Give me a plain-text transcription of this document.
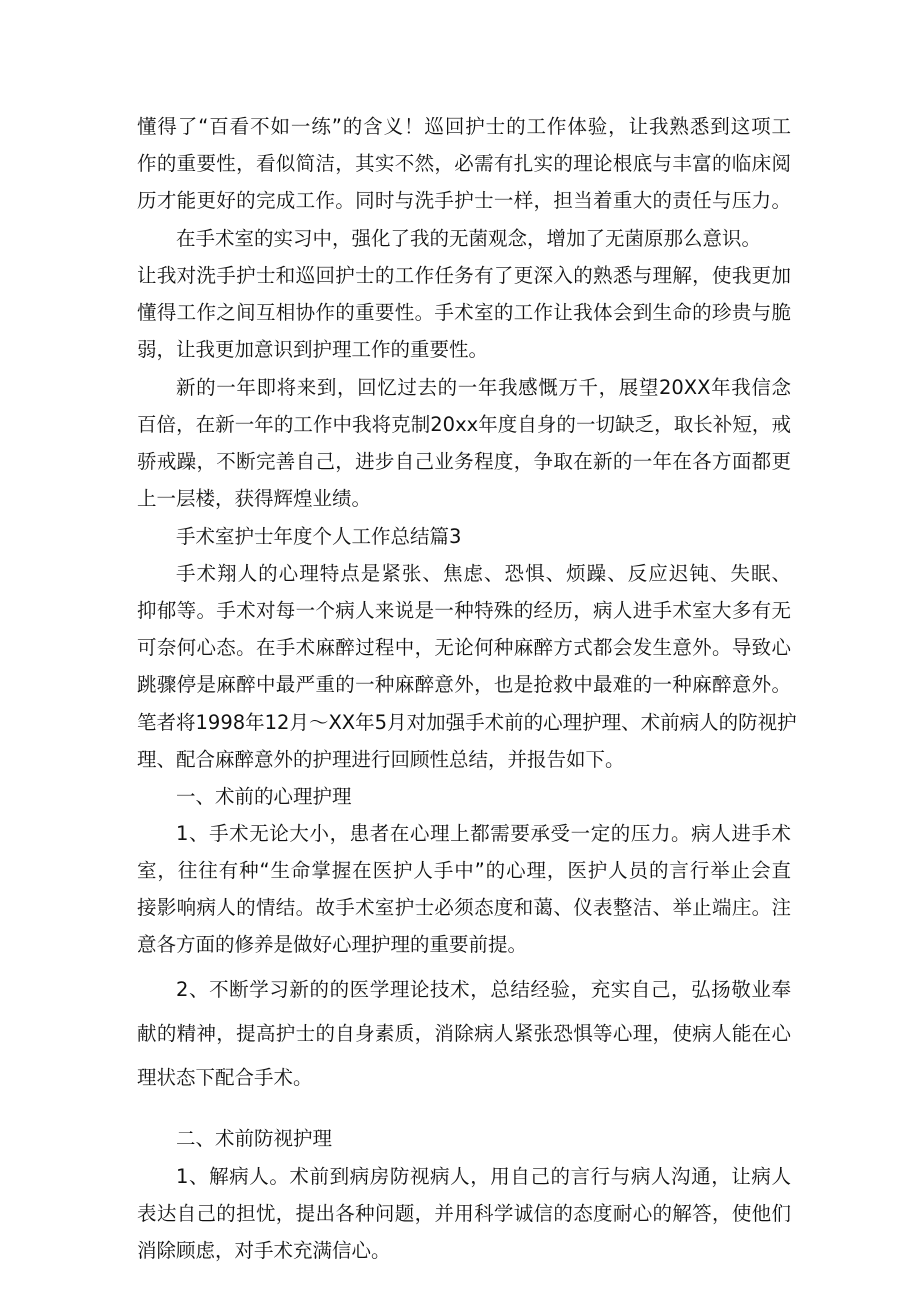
懂得了“百看不如一练”的含义！巡回护士的工作体验，让我熟悉到这项工
作的重要性，看似简洁，其实不然，必需有扎实的理论根底与丰富的临床阅
历才能更好的完成工作。同时与洗手护士一样，担当着重大的责任与压力。
在手术室的实习中，强化了我的无菌观念，增加了无菌原那么意识。
让我对洗手护士和巡回护士的工作任务有了更深入的熟悉与理解，使我更加
懂得工作之间互相协作的重要性。手术室的工作让我体会到生命的珍贵与脆
弱，让我更加意识到护理工作的重要性。
新的一年即将来到，回忆过去的一年我感慨万千，展望20XX年我信念
百倍，在新一年的工作中我将克制20xx年度自身的一切缺乏，取长补短，戒
骄戒躁，不断完善自己，进步自己业务程度，争取在新的一年在各方面都更
上一层楼，获得辉煌业绩。
手术室护士年度个人工作总结篇3
手术翔人的心理特点是紧张、焦虑、恐惧、烦躁、反应迟钝、失眠、
抑郁等。手术对每一个病人来说是一种特殊的经历，病人进手术室大多有无
可奈何心态。在手术麻醉过程中，无论何种麻醉方式都会发生意外。导致心
跳骤停是麻醉中最严重的一种麻醉意外，也是抢救中最难的一种麻醉意外。
笔者将1998年12月～XX年5月对加强手术前的心理护理、术前病人的防视护
理、配合麻醉意外的护理进行回顾性总结，并报告如下。
一、术前的心理护理
1、手术无论大小，患者在心理上都需要承受一定的压力。病人进手术
室，往往有种“生命掌握在医护人手中”的心理，医护人员的言行举止会直
接影响病人的情结。故手术室护士必须态度和蔼、仪表整洁、举止端庄。注
意各方面的修养是做好心理护理的重要前提。
2、不断学习新的的医学理论技术，总结经验，充实自己，弘扬敬业奉
献的精神，提高护士的自身素质，消除病人紧张恐惧等心理，使病人能在心
理状态下配合手术。
二、术前防视护理
1、解病人。术前到病房防视病人，用自己的言行与病人沟通，让病人
表达自己的担忧，提出各种问题，并用科学诚信的态度耐心的解答，使他们
消除顾虑，对手术充满信心。
